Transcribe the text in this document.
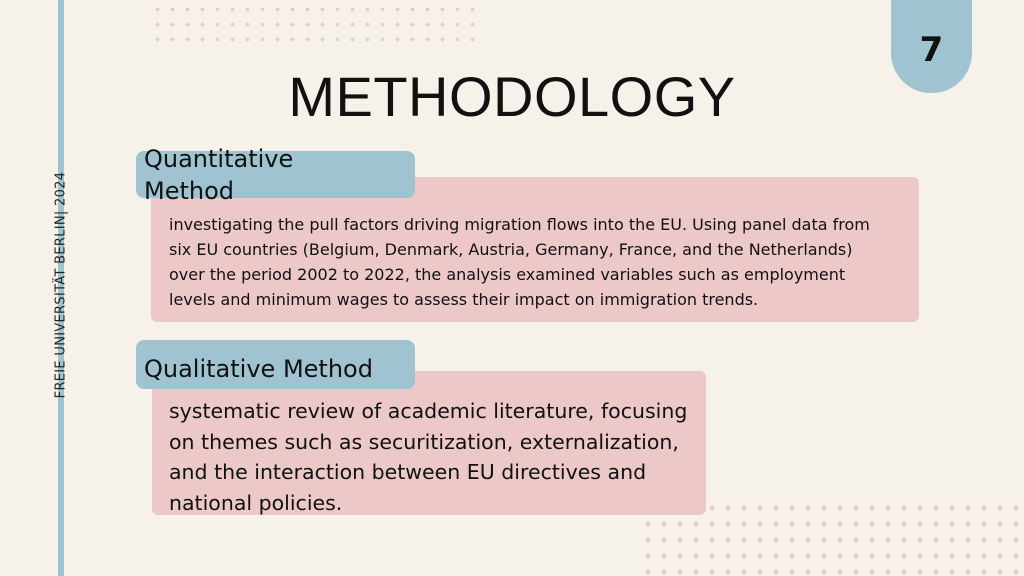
FREIE UNIVERSITÄT BERLIN| 2024
7
METHODOLOGY
Quantitative Method
investigating the pull factors driving migration flows into the EU. Using panel data from six EU countries (Belgium, Denmark, Austria, Germany, France, and the Netherlands) over the period 2002 to 2022, the analysis examined variables such as employment levels and minimum wages to assess their impact on immigration trends.
Qualitative Method
systematic review of academic literature, focusing on themes such as securitization, externalization, and the interaction between EU directives and national policies.
